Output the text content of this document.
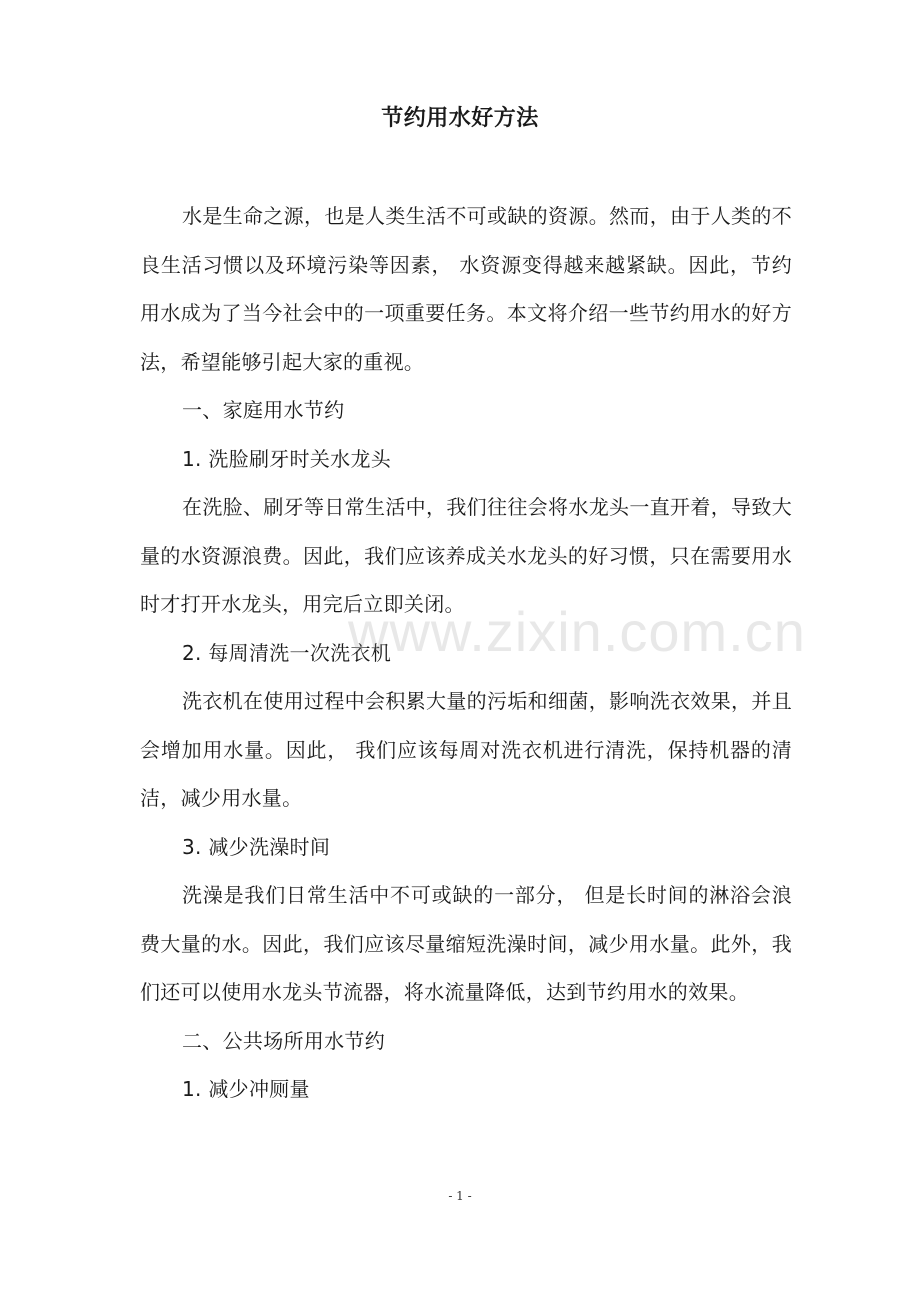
节约用水好方法

水是生命之源，也是人类生活不可或缺的资源。然而，由于人类的不良生活习惯以及环境污染等因素， 水资源变得越来越紧缺。因此，节约用水成为了当今社会中的一项重要任务。本文将介绍一些节约用水的好方法，希望能够引起大家的重视。

一、家庭用水节约

1. 洗脸刷牙时关水龙头

在洗脸、刷牙等日常生活中，我们往往会将水龙头一直开着，导致大量的水资源浪费。因此，我们应该养成关水龙头的好习惯，只在需要用水时才打开水龙头，用完后立即关闭。

2. 每周清洗一次洗衣机

洗衣机在使用过程中会积累大量的污垢和细菌，影响洗衣效果，并且会增加用水量。因此， 我们应该每周对洗衣机进行清洗，保持机器的清洁，减少用水量。

3. 减少洗澡时间

洗澡是我们日常生活中不可或缺的一部分， 但是长时间的淋浴会浪费大量的水。因此，我们应该尽量缩短洗澡时间，减少用水量。此外，我们还可以使用水龙头节流器，将水流量降低，达到节约用水的效果。

二、公共场所用水节约

1. 减少冲厕量

www.zixin.com.cn
- 1 -
